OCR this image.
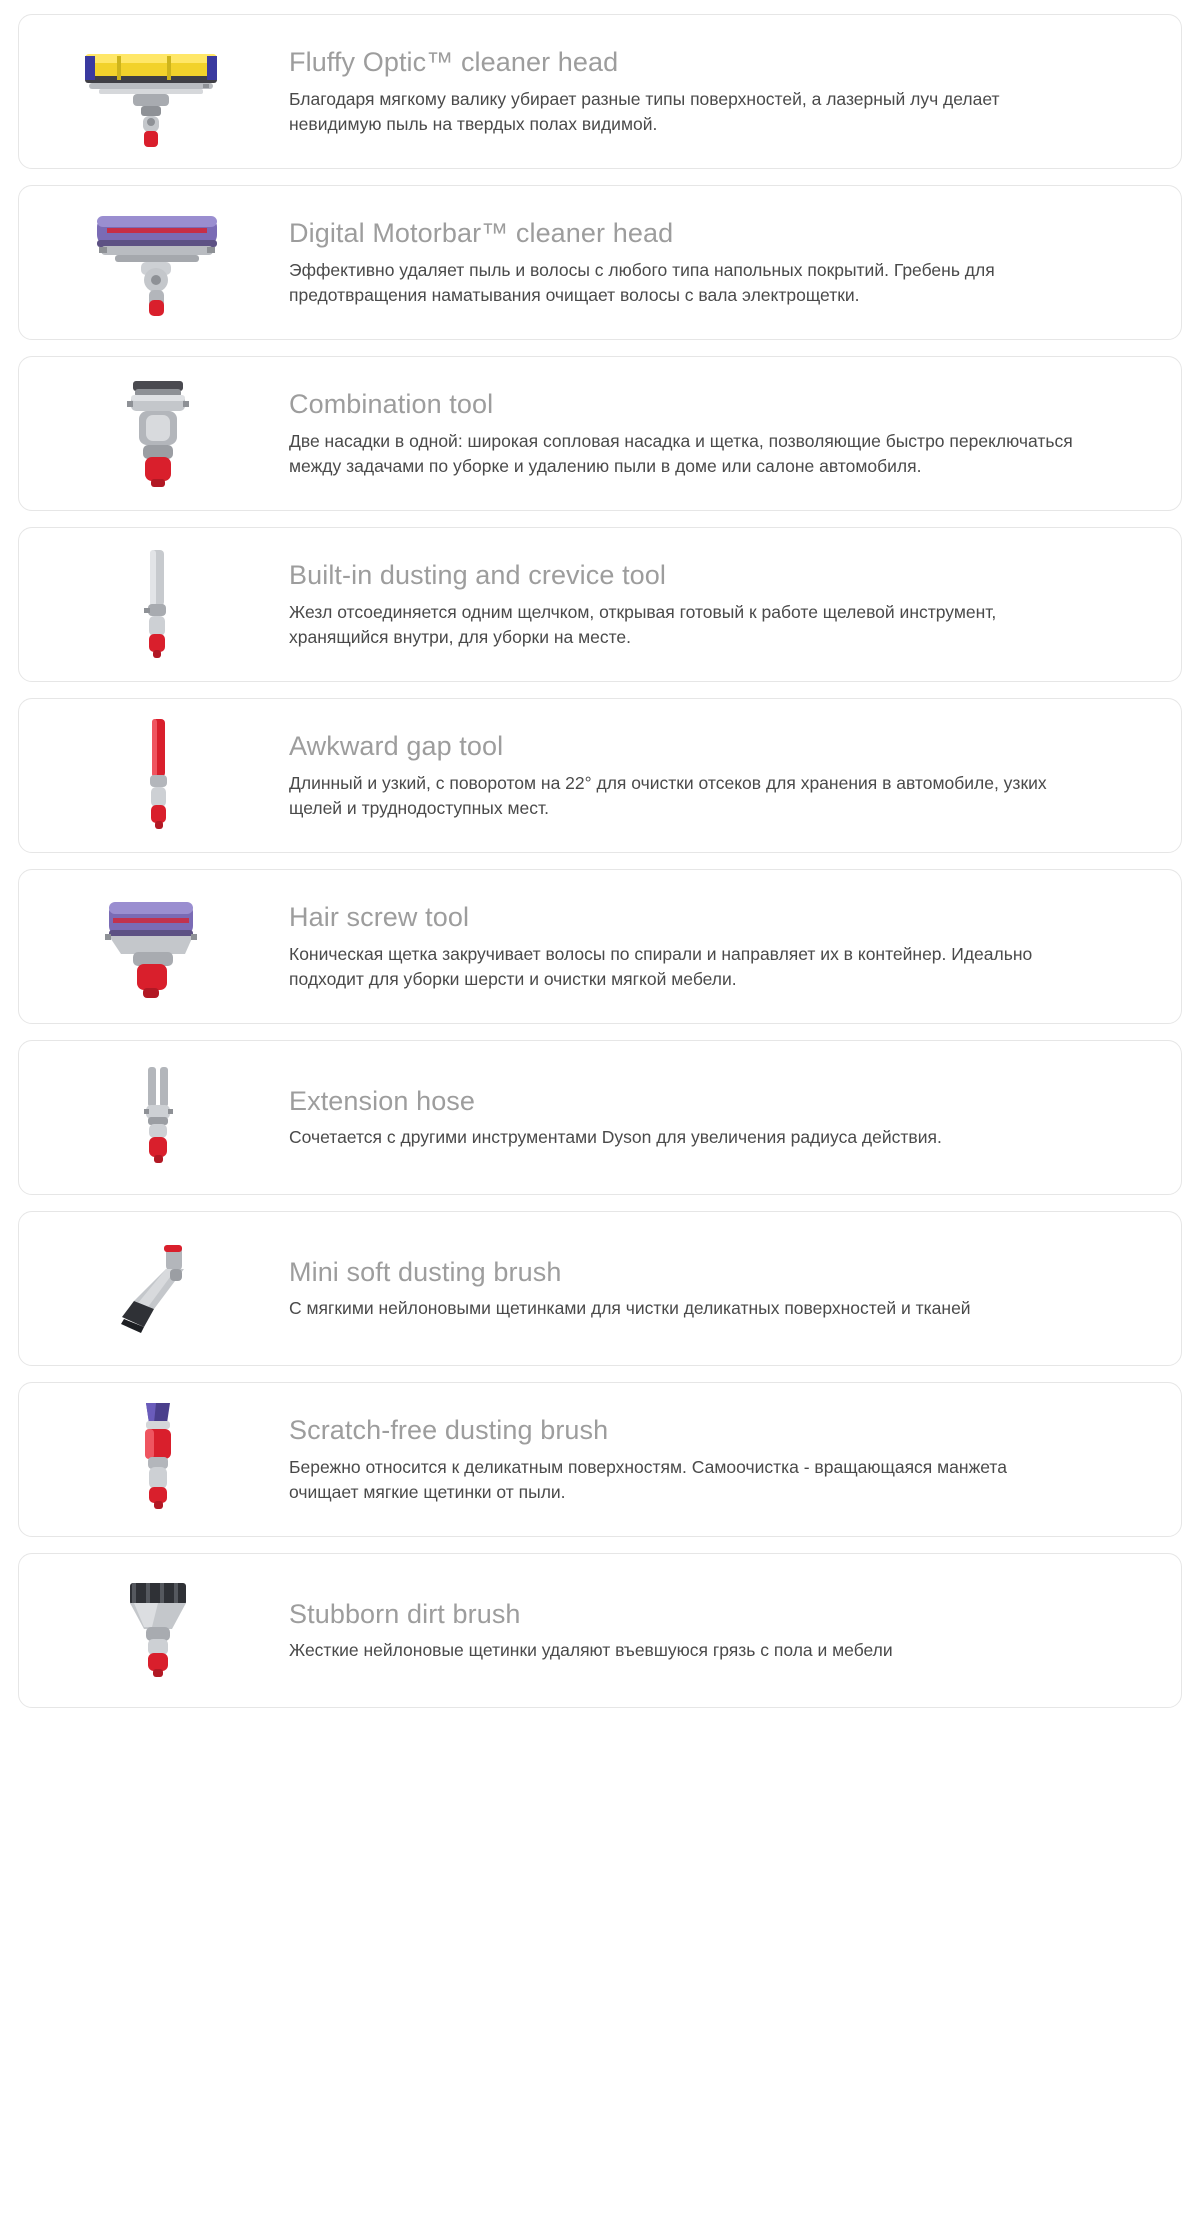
Fluffy Optic™ cleaner head

Благодаря мягкому валику убирает разные типы поверхностей, а лазерный луч делает невидимую пыль на твердых полах видимой.

Digital Motorbar™ cleaner head

Эффективно удаляет пыль и волосы с любого типа напольных покрытий. Гребень для предотвращения наматывания очищает волосы с вала электрощетки.

Combination tool

Две насадки в одной: широкая сопловая насадка и щетка, позволяющие быстро переключаться между задачами по уборке и удалению пыли в доме или салоне автомобиля.

Built-in dusting and crevice tool

Жезл отсоединяется одним щелчком, открывая готовый к работе щелевой инструмент, хранящийся внутри, для уборки на месте.

Awkward gap tool

Длинный и узкий, с поворотом на 22° для очистки отсеков для хранения в автомобиле, узких щелей и труднодоступных мест.

Hair screw tool

Коническая щетка закручивает волосы по спирали и направляет их в контейнер. Идеально подходит для уборки шерсти и очистки мягкой мебели.

Extension hose

Сочетается с другими инструментами Dyson для увеличения радиуса действия.

Mini soft dusting brush

С мягкими нейлоновыми щетинками для чистки деликатных поверхностей и тканей

Scratch-free dusting brush

Бережно относится к деликатным поверхностям. Самоочистка - вращающаяся манжета очищает мягкие щетинки от пыли.

Stubborn dirt brush

Жесткие нейлоновые щетинки удаляют въевшуюся грязь с пола и мебели
